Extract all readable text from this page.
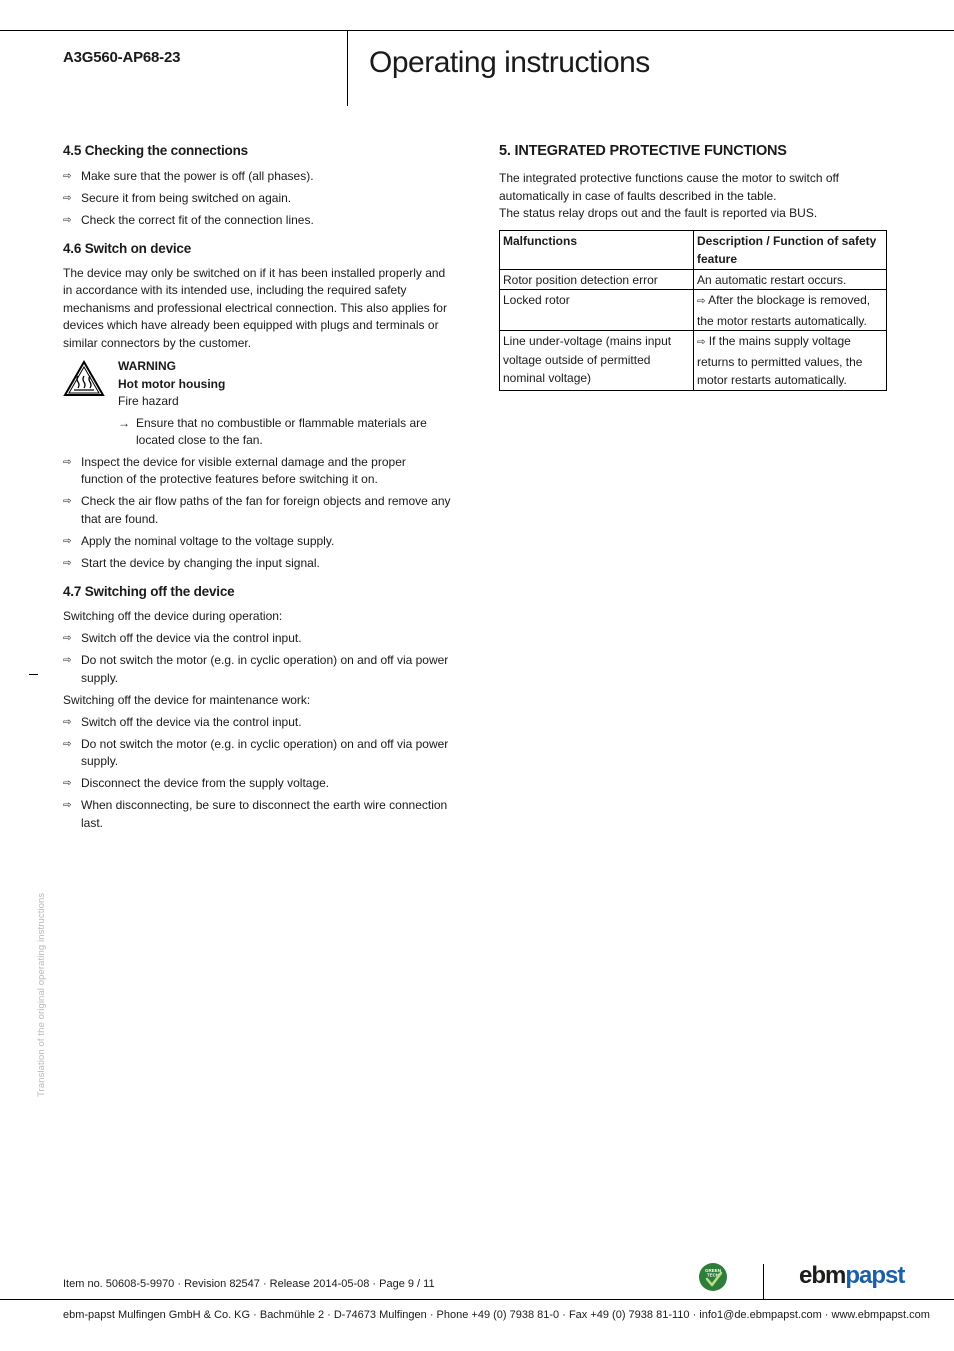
A3G560-AP68-23	Operating instructions
4.5 Checking the connections
⇨ Make sure that the power is off (all phases).
⇨ Secure it from being switched on again.
⇨ Check the correct fit of the connection lines.
4.6 Switch on device

The device may only be switched on if it has been installed properly and in accordance with its intended use, including the required safety mechanisms and professional electrical connection. This also applies for devices which have already been equipped with plugs and terminals or similar connectors by the customer.

WARNING
Hot motor housing
Fire hazard
→ Ensure that no combustible or flammable materials are located close to the fan.
⇨ Inspect the device for visible external damage and the proper function of the protective features before switching it on.
⇨ Check the air flow paths of the fan for foreign objects and remove any that are found.
⇨ Apply the nominal voltage to the voltage supply.
⇨ Start the device by changing the input signal.
4.7 Switching off the device

Switching off the device during operation:

⇨ Switch off the device via the control input.
⇨ Do not switch the motor (e.g. in cyclic operation) on and off via power supply.

Switching off the device for maintenance work:

⇨ Switch off the device via the control input.
⇨ Do not switch the motor (e.g. in cyclic operation) on and off via power supply.
⇨ Disconnect the device from the supply voltage.
⇨ When disconnecting, be sure to disconnect the earth wire connection last.
5. INTEGRATED PROTECTIVE FUNCTIONS

The integrated protective functions cause the motor to switch off automatically in case of faults described in the table.

The status relay drops out and the fault is reported via BUS.

Malfunctions	Description / Function of safety feature
Rotor position detection error	An automatic restart occurs.
Locked rotor	⇨ After the blockage is removed, the motor restarts automatically.
Line under-voltage (mains input voltage outside of permitted nominal voltage)	⇨ If the mains supply voltage returns to permitted values, the motor restarts automatically.
Translation of the original operating instructions
Item no. 50608-5-9970 · Revision 82547 · Release 2014-05-08 · Page 9 / 11
GREEN
TECH	ebmpapst
ebm-papst Mulfingen GmbH & Co. KG · Bachmühle 2 · D-74673 Mulfingen · Phone +49 (0) 7938 81-0 · Fax +49 (0) 7938 81-110 · info1@de.ebmpapst.com · www.ebmpapst.com
